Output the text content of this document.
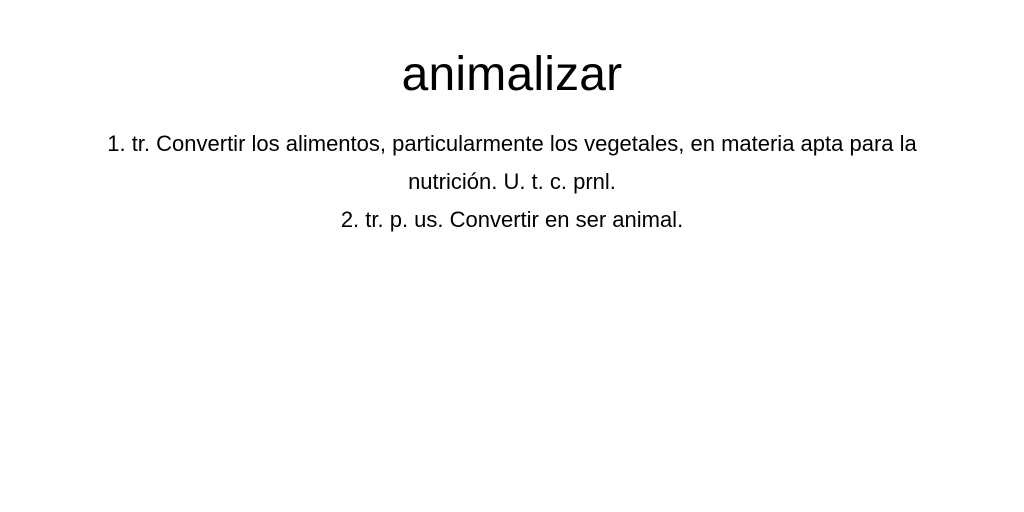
animalizar

1. tr. Convertir los alimentos, particularmente los vegetales, en materia apta para la nutrición. U. t. c. prnl.

2. tr. p. us. Convertir en ser animal.
